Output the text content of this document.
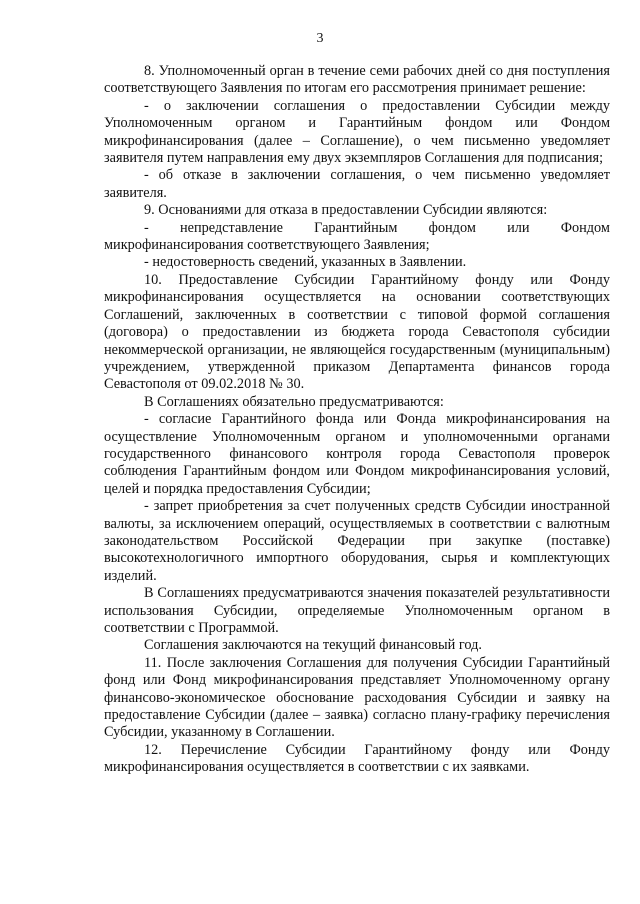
3

8. Уполномоченный орган в течение семи рабочих дней со дня поступления соответствующего Заявления по итогам его рассмотрения принимает решение:

- о заключении соглашения о предоставлении Субсидии между Уполномоченным органом и Гарантийным фондом или Фондом микрофинансирования (далее – Соглашение), о чем письменно уведомляет заявителя путем направления ему двух экземпляров Соглашения для подписания;

- об отказе в заключении соглашения, о чем письменно уведомляет заявителя.

9. Основаниями для отказа в предоставлении Субсидии являются:

- непредставление Гарантийным фондом или Фондом микрофинансирования соответствующего Заявления;

- недостоверность сведений, указанных в Заявлении.

10. Предоставление Субсидии Гарантийному фонду или Фонду микрофинансирования осуществляется на основании соответствующих Соглашений, заключенных в соответствии с типовой формой соглашения (договора) о предоставлении из бюджета города Севастополя субсидии некоммерческой организации, не являющейся государственным (муниципальным) учреждением, утвержденной приказом Департамента финансов города Севастополя от 09.02.2018 № 30.

В Соглашениях обязательно предусматриваются:

- согласие Гарантийного фонда или Фонда микрофинансирования на осуществление Уполномоченным органом и уполномоченными органами государственного финансового контроля города Севастополя проверок соблюдения Гарантийным фондом или Фондом микрофинансирования условий, целей и порядка предоставления Субсидии;

- запрет приобретения за счет полученных средств Субсидии иностранной валюты, за исключением операций, осуществляемых в соответствии с валютным законодательством Российской Федерации при закупке (поставке) высокотехнологичного импортного оборудования, сырья и комплектующих изделий.

В Соглашениях предусматриваются значения показателей результативности использования Субсидии, определяемые Уполномоченным органом в соответствии с Программой.

Соглашения заключаются на текущий финансовый год.

11. После заключения Соглашения для получения Субсидии Гарантийный фонд или Фонд микрофинансирования представляет Уполномоченному органу финансово-экономическое обоснование расходования Субсидии и заявку на предоставление Субсидии (далее – заявка) согласно плану-графику перечисления Субсидии, указанному в Соглашении.

12. Перечисление Субсидии Гарантийному фонду или Фонду микрофинансирования осуществляется в соответствии с их заявками.
